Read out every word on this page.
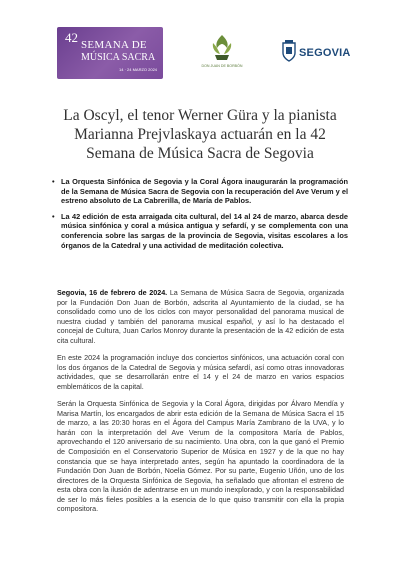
42 SEMANA DE
MÚSICA SACRA
14 · 24 MARZO 2024
DON JUAN DE BORBÓN
SEGOVIA
La Oscyl, el tenor Werner Güra y la pianista Marianna Prejvlaskaya actuarán en la 42 Semana de Música Sacra de Segovia
• La Orquesta Sinfónica de Segovia y la Coral Ágora inaugurarán la programación de la Semana de Música Sacra de Segovia con la recuperación del Ave Verum y el estreno absoluto de La Cabrerilla, de María de Pablos.
• La 42 edición de esta arraigada cita cultural, del 14 al 24 de marzo, abarca desde música sinfónica y coral a música antigua y sefardí, y se complementa con una conferencia sobre las sargas de la provincia de Segovia, visitas escolares a los órganos de la Catedral y una actividad de meditación colectiva.

Segovia, 16 de febrero de 2024. La Semana de Música Sacra de Segovia, organizada por la Fundación Don Juan de Borbón, adscrita al Ayuntamiento de la ciudad, se ha consolidado como uno de los ciclos con mayor personalidad del panorama musical de nuestra ciudad y también del panorama musical español, y así lo ha destacado el concejal de Cultura, Juan Carlos Monroy durante la presentación de la 42 edición de esta cita cultural.

En este 2024 la programación incluye dos conciertos sinfónicos, una actuación coral con los dos órganos de la Catedral de Segovia y música sefardí, así como otras innovadoras actividades, que se desarrollarán entre el 14 y el 24 de marzo en varios espacios emblemáticos de la capital.

Serán la Orquesta Sinfónica de Segovia y la Coral Ágora, dirigidas por Álvaro Mendía y Marisa Martín, los encargados de abrir esta edición de la Semana de Música Sacra el 15 de marzo, a las 20:30 horas en el Ágora del Campus María Zambrano de la UVA, y lo harán con la interpretación del Ave Verum de la compositora María de Pablos, aprovechando el 120 aniversario de su nacimiento. Una obra, con la que ganó el Premio de Composición en el Conservatorio Superior de Música en 1927 y de la que no hay constancia que se haya interpretado antes, según ha apuntado la coordinadora de la Fundación Don Juan de Borbón, Noelia Gómez. Por su parte, Eugenio Uñón, uno de los directores de la Orquesta Sinfónica de Segovia, ha señalado que afrontan el estreno de esta obra con la ilusión de adentrarse en un mundo inexplorado, y con la responsabilidad de ser lo más fieles posibles a la esencia de lo que quiso transmitir con ella la propia compositora.
